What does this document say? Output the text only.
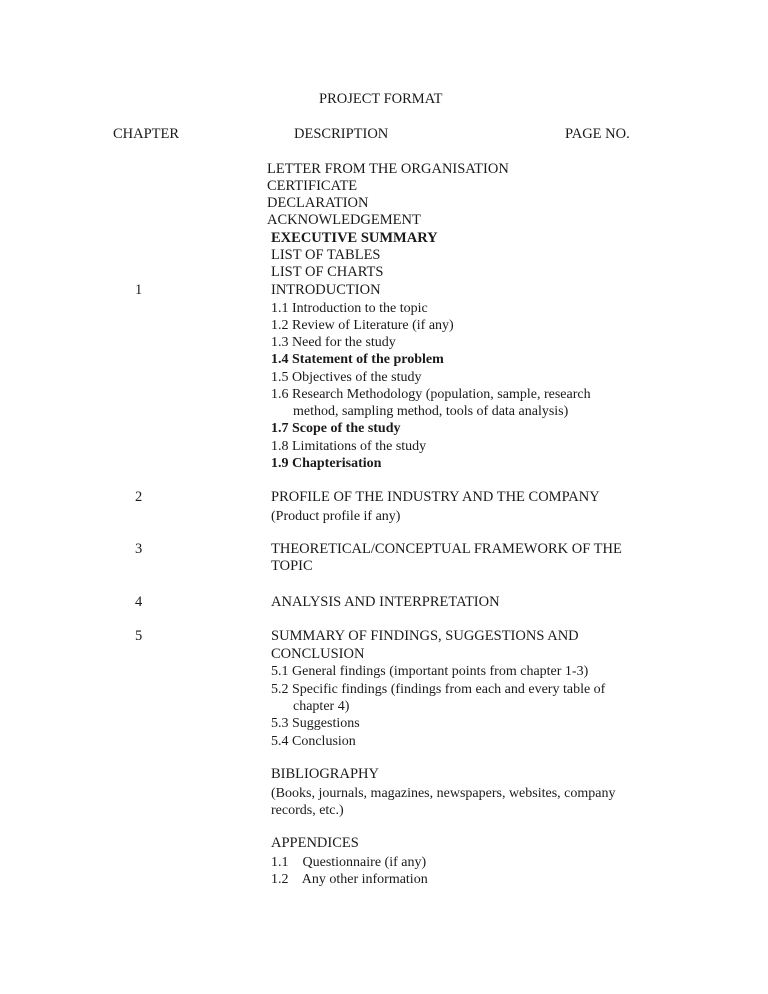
PROJECT FORMAT
CHAPTER	DESCRIPTION	PAGE NO.
LETTER FROM THE ORGANISATION
CERTIFICATE
DECLARATION
ACKNOWLEDGEMENT
EXECUTIVE SUMMARY
LIST OF TABLES
LIST OF CHARTS
1	INTRODUCTION
1.1 Introduction to the topic
1.2 Review of Literature (if any)
1.3 Need for the study
1.4 Statement of the problem
1.5 Objectives of the study
1.6 Research Methodology (population, sample, research
method, sampling method, tools of data analysis)
1.7 Scope of the study
1.8 Limitations of the study
1.9 Chapterisation
2	PROFILE OF THE INDUSTRY AND THE COMPANY
(Product profile if any)
3	THEORETICAL/CONCEPTUAL FRAMEWORK OF THE
TOPIC
4	ANALYSIS AND INTERPRETATION
5	SUMMARY OF FINDINGS, SUGGESTIONS AND
CONCLUSION
5.1 General findings (important points from chapter 1-3)
5.2 Specific findings (findings from each and every table of
chapter 4)
5.3 Suggestions
5.4 Conclusion
BIBLIOGRAPHY
(Books, journals, magazines, newspapers, websites, company
records, etc.)
APPENDICES
1.1    Questionnaire (if any)
1.2    Any other information
